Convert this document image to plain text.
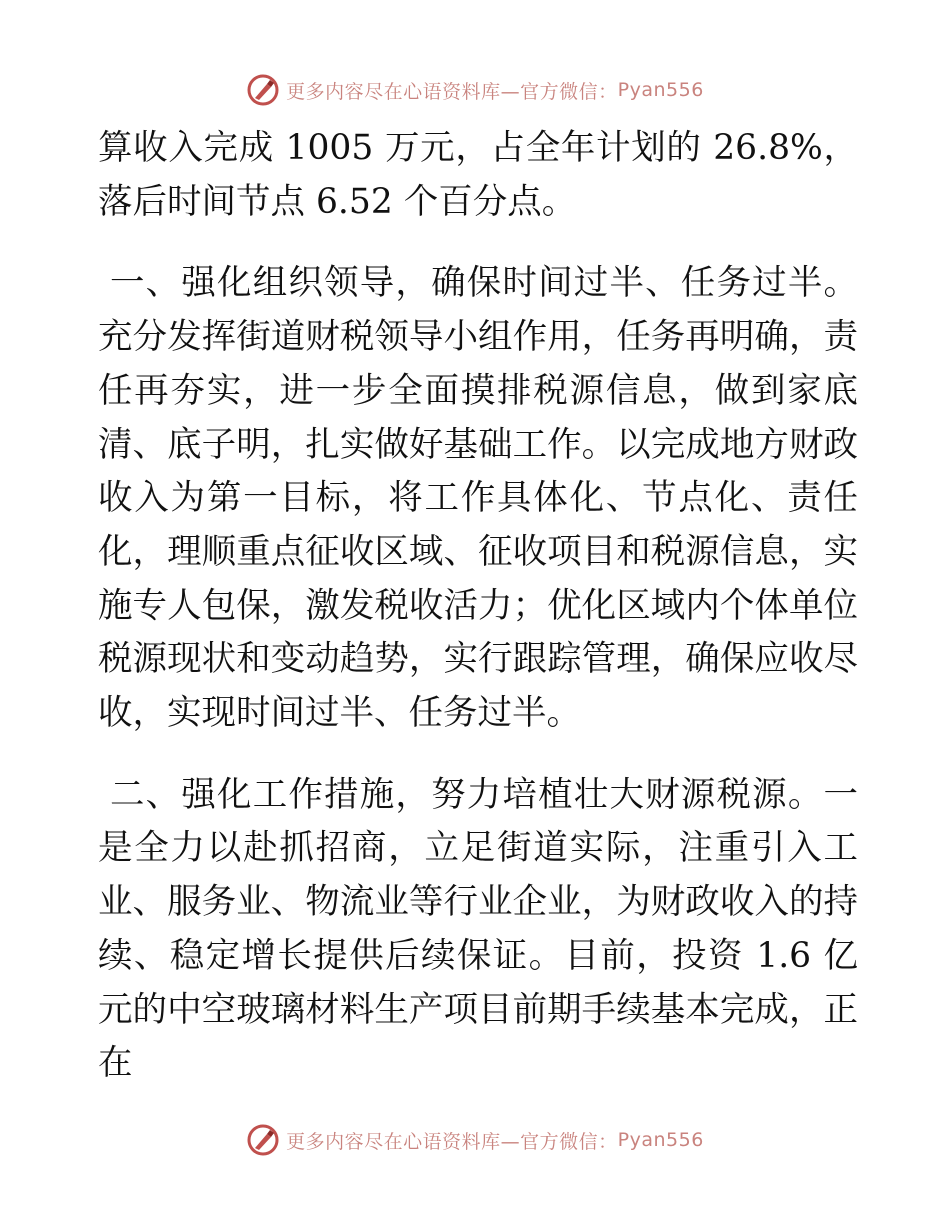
更多内容尽在心语资料库—官方微信： Pyan556

算收入完成 1005 万元，占全年计划的 26.8%，落后时间节点 6.52 个百分点。

一、强化组织领导，确保时间过半、任务过半。充分发挥街道财税领导小组作用，任务再明确，责任再夯实，进一步全面摸排税源信息，做到家底清、底子明，扎实做好基础工作。以完成地方财政收入为第一目标，将工作具体化、节点化、责任化，理顺重点征收区域、征收项目和税源信息，实施专人包保，激发税收活力；优化区域内个体单位税源现状和变动趋势，实行跟踪管理，确保应收尽收，实现时间过半、任务过半。

二、强化工作措施，努力培植壮大财源税源。一是全力以赴抓招商，立足街道实际，注重引入工业、服务业、物流业等行业企业，为财政收入的持续、稳定增长提供后续保证。目前，投资 1.6 亿元的中空玻璃材料生产项目前期手续基本完成，正在

更多内容尽在心语资料库—官方微信： Pyan556
